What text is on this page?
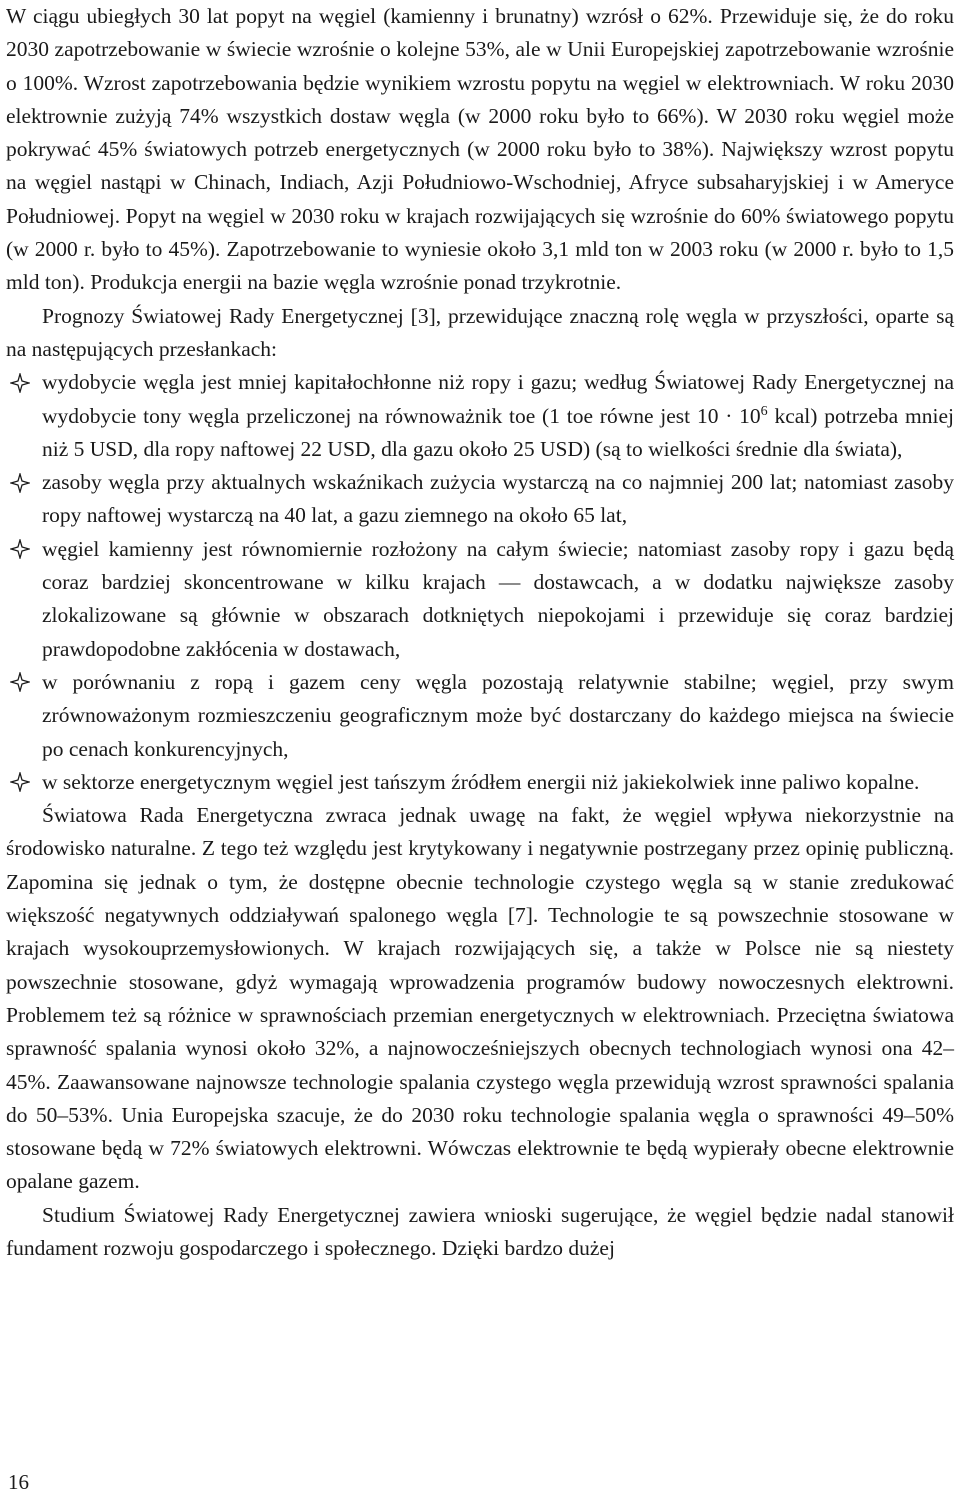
W ciągu ubiegłych 30 lat popyt na węgiel (kamienny i brunatny) wzrósł o 62%. Przewiduje się, że do roku 2030 zapotrzebowanie w świecie wzrośnie o kolejne 53%, ale w Unii Europejskiej zapotrzebowanie wzrośnie o 100%. Wzrost zapotrzebowania będzie wynikiem wzrostu popytu na węgiel w elektrowniach. W roku 2030 elektrownie zużyją 74% wszystkich dostaw węgla (w 2000 roku było to 66%). W 2030 roku węgiel może pokrywać 45% światowych potrzeb energetycznych (w 2000 roku było to 38%). Największy wzrost popytu na węgiel nastąpi w Chinach, Indiach, Azji Południowo-Wschodniej, Afryce subsaharyjskiej i w Ameryce Południowej. Popyt na węgiel w 2030 roku w krajach rozwijających się wzrośnie do 60% światowego popytu (w 2000 r. było to 45%). Zapotrzebowanie to wyniesie około 3,1 mld ton w 2003 roku (w 2000 r. było to 1,5 mld ton). Produkcja energii na bazie węgla wzrośnie ponad trzykrotnie.

Prognozy Światowej Rady Energetycznej [3], przewidujące znaczną rolę węgla w przyszłości, oparte są na następujących przesłankach:

wydobycie węgla jest mniej kapitałochłonne niż ropy i gazu; według Światowej Rady Energetycznej na wydobycie tony węgla przeliczonej na równoważnik toe (1 toe równe jest $10 \cdot 10^6$ kcal) potrzeba mniej niż 5 USD, dla ropy naftowej 22 USD, dla gazu około 25 USD) (są to wielkości średnie dla świata),
zasoby węgla przy aktualnych wskaźnikach zużycia wystarczą na co najmniej 200 lat; natomiast zasoby ropy naftowej wystarczą na 40 lat, a gazu ziemnego na około 65 lat,
węgiel kamienny jest równomiernie rozłożony na całym świecie; natomiast zasoby ropy i gazu będą coraz bardziej skoncentrowane w kilku krajach — dostawcach, a w dodatku największe zasoby zlokalizowane są głównie w obszarach dotkniętych niepokojami i przewiduje się coraz bardziej prawdopodobne zakłócenia w dostawach,
w porównaniu z ropą i gazem ceny węgla pozostają relatywnie stabilne; węgiel, przy swym zrównoważonym rozmieszczeniu geograficznym może być dostarczany do każdego miejsca na świecie po cenach konkurencyjnych,
w sektorze energetycznym węgiel jest tańszym źródłem energii niż jakiekolwiek inne paliwo kopalne.

Światowa Rada Energetyczna zwraca jednak uwagę na fakt, że węgiel wpływa niekorzystnie na środowisko naturalne. Z tego też względu jest krytykowany i negatywnie postrzegany przez opinię publiczną. Zapomina się jednak o tym, że dostępne obecnie technologie czystego węgla są w stanie zredukować większość negatywnych oddziaływań spalonego węgla [7]. Technologie te są powszechnie stosowane w krajach wysokouprzemysłowionych. W krajach rozwijających się, a także w Polsce nie są niestety powszechnie stosowane, gdyż wymagają wprowadzenia programów budowy nowoczesnych elektrowni. Problemem też są różnice w sprawnościach przemian energetycznych w elektrowniach. Przeciętna światowa sprawność spalania wynosi około 32%, a najnowocześniejszych obecnych technologiach wynosi ona 42–45%. Zaawansowane najnowsze technologie spalania czystego węgla przewidują wzrost sprawności spalania do 50–53%. Unia Europejska szacuje, że do 2030 roku technologie spalania węgla o sprawności 49–50% stosowane będą w 72% światowych elektrowni. Wówczas elektrownie te będą wypierały obecne elektrownie opalane gazem.

Studium Światowej Rady Energetycznej zawiera wnioski sugerujące, że węgiel będzie nadal stanowił fundament rozwoju gospodarczego i społecznego. Dzięki bardzo dużej

16
